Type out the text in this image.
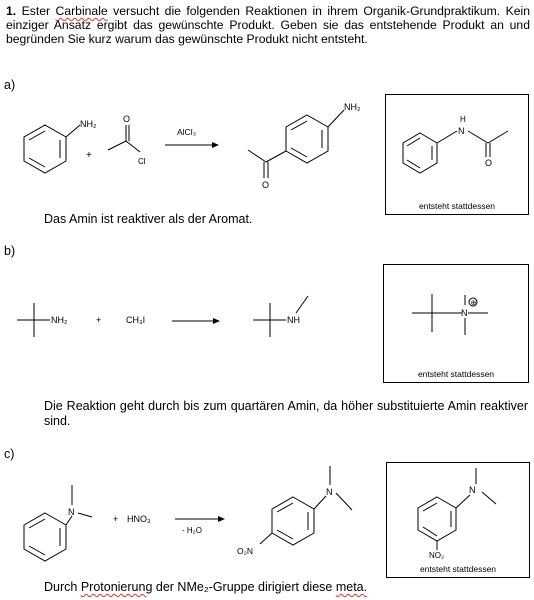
1. Ester Carbinale versucht die folgenden Reaktionen in ihrem Organik-Grundpraktikum. Kein einziger Ansatz ergibt das gewünschte Produkt. Geben sie das entstehende Produkt an und begründen Sie kurz warum das gewünschte Produkt nicht entsteht.
a)
b)
c)
entsteht stattdessen
entsteht stattdessen
entsteht stattdessen
Das Amin ist reaktiver als der Aromat.
Die Reaktion geht durch bis zum quartären Amin, da höher substituierte Amin reaktiver sind.
Durch Protonierung der NMe₂-Gruppe dirigiert diese meta.
NH₂
+
O
Cl
AlCl₃
NH₂
O
H
N
O
NH₂	+	CH₃I	NH
N
⊕
N
+ HNO₃
- H₂O
O₂N
N	N
NO₂
